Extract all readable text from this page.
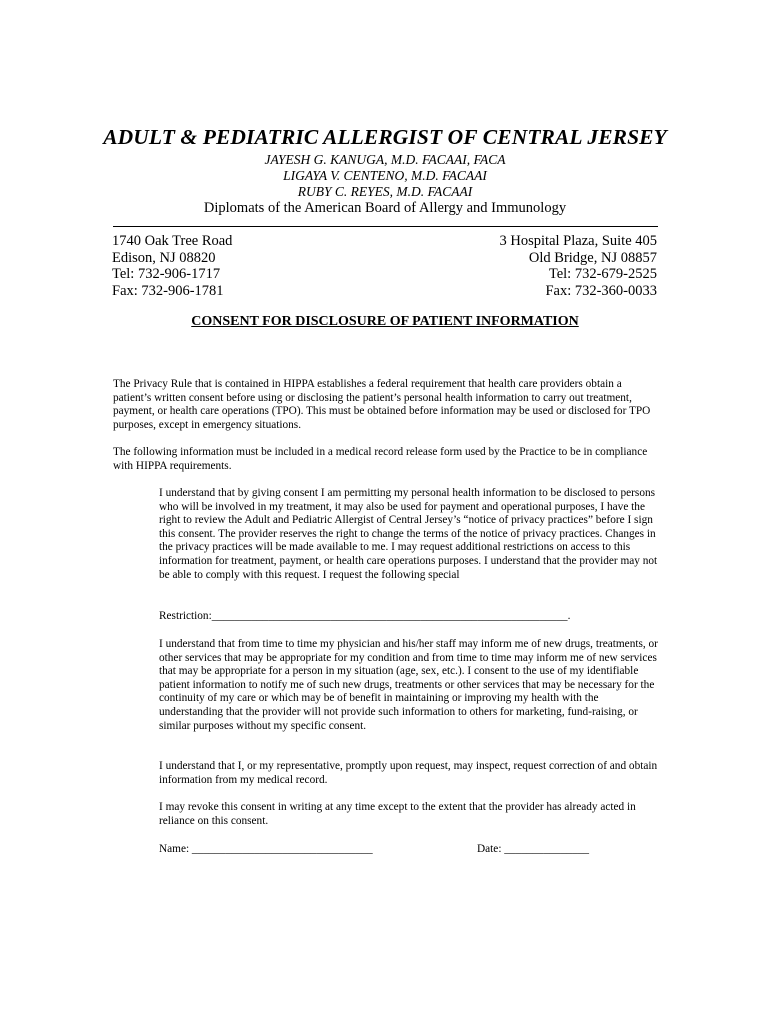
ADULT & PEDIATRIC ALLERGIST OF CENTRAL JERSEY
JAYESH G. KANUGA, M.D. FACAAI, FACA
LIGAYA V. CENTENO, M.D. FACAAI
RUBY C. REYES, M.D. FACAAI
Diplomats of the American Board of Allergy and Immunology
1740 Oak Tree Road
Edison, NJ 08820
Tel: 732-906-1717
Fax: 732-906-1781
3 Hospital Plaza, Suite 405
Old Bridge, NJ 08857
Tel: 732-679-2525
Fax: 732-360-0033
CONSENT FOR DISCLOSURE OF PATIENT INFORMATION
The Privacy Rule that is contained in HIPPA establishes a federal requirement that health care providers obtain a patient’s written consent before using or disclosing the patient’s personal health information to carry out treatment, payment, or health care operations (TPO). This must be obtained before information may be used or disclosed for TPO purposes, except in emergency situations.
The following information must be included in a medical record release form used by the Practice to be in compliance with HIPPA requirements.
I understand that by giving consent I am permitting my personal health information to be disclosed to persons who will be involved in my treatment, it may also be used for payment and operational purposes, I have the right to review the Adult and Pediatric Allergist of Central Jersey’s “notice of privacy practices” before I sign this consent. The provider reserves the right to change the terms of the notice of privacy practices. Changes in the privacy practices will be made available to me. I may request additional restrictions on access to this information for treatment, payment, or health care operations purposes. I understand that the provider may not be able to comply with this request. I request the following special
Restriction:_______________________________________________________________.
I understand that from time to time my physician and his/her staff may inform me of new drugs, treatments, or other services that may be appropriate for my condition and from time to time may inform me of new services that may be appropriate for a person in my situation (age, sex, etc.). I consent to the use of my identifiable patient information to notify me of such new drugs, treatments or other services that may be necessary for the continuity of my care or which may be of benefit in maintaining or improving my health with the understanding that the provider will not provide such information to others for marketing, fund-raising, or similar purposes without my specific consent.
I understand that I, or my representative, promptly upon request, may inspect, request correction of and obtain information from my medical record.
I may revoke this consent in writing at any time except to the extent that the provider has already acted in reliance on this consent.
Name: ________________________________	Date: _______________
